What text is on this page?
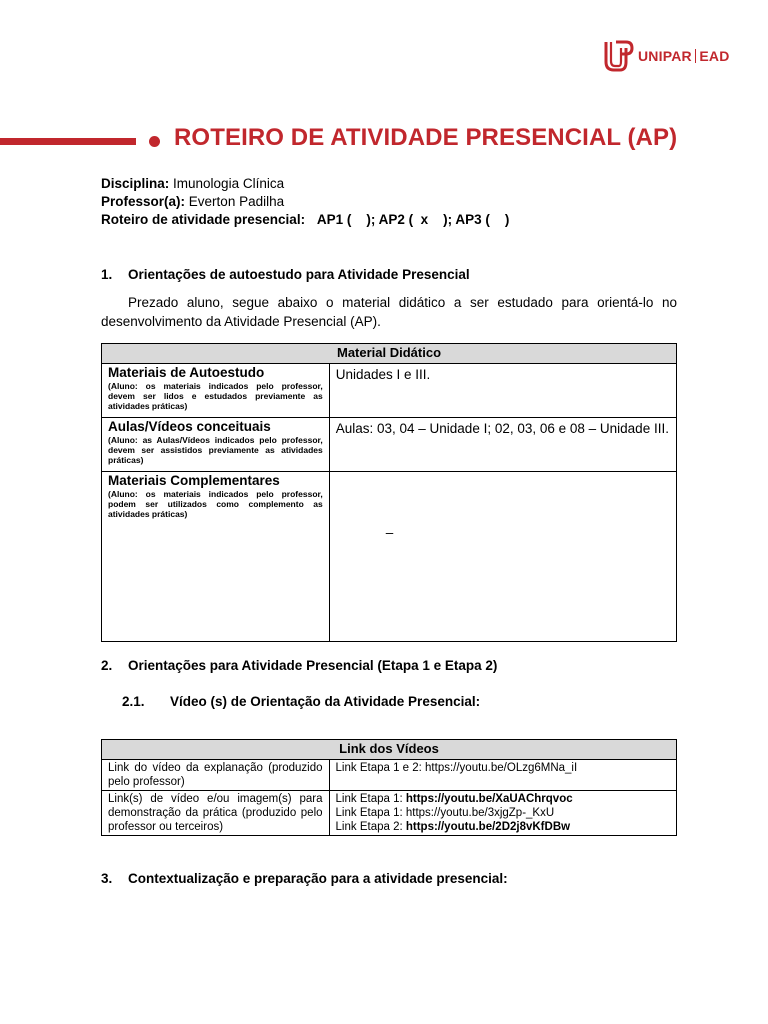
UNIPAR EAD
ROTEIRO DE ATIVIDADE PRESENCIAL (AP)
Disciplina: Imunologia Clínica
Professor(a): Everton Padilha
Roteiro de atividade presencial: AP1 (    ); AP2 (  x    ); AP3 (    )
1. Orientações de autoestudo para Atividade Presencial
Prezado aluno, segue abaixo o material didático a ser estudado para orientá-lo no desenvolvimento da Atividade Presencial (AP).
Material Didático	

Materiais de Autoestudo
(Aluno: os materiais indicados pelo professor, devem ser lidos e estudados previamente as atividades práticas)	Unidades I e III.

Aulas/Vídeos conceituais
(Aluno: as Aulas/Vídeos indicados pelo professor, devem ser assistidos previamente as atividades práticas)	Aulas: 03, 04 – Unidade I; 02, 03, 06 e 08 – Unidade III.

Materiais Complementares
(Aluno: os materiais indicados pelo professor, podem ser utilizados como complemento as atividades práticas)	–
2. Orientações para Atividade Presencial (Etapa 1 e Etapa 2)
2.1. Vídeo (s) de Orientação da Atividade Presencial:
Link dos Vídeos	
Link do vídeo da explanação (produzido pelo professor)	Link Etapa 1 e 2: https://youtu.be/OLzg6MNa_iI
Link(s) de vídeo e/ou imagem(s) para demonstração da prática (produzido pelo professor ou terceiros)	Link Etapa 1: https://youtu.be/XaUAChrqvoc
Link Etapa 1: https://youtu.be/3xjgZp-_KxU
Link Etapa 2: https://youtu.be/2D2j8vKfDBw
3. Contextualização e preparação para a atividade presencial:
